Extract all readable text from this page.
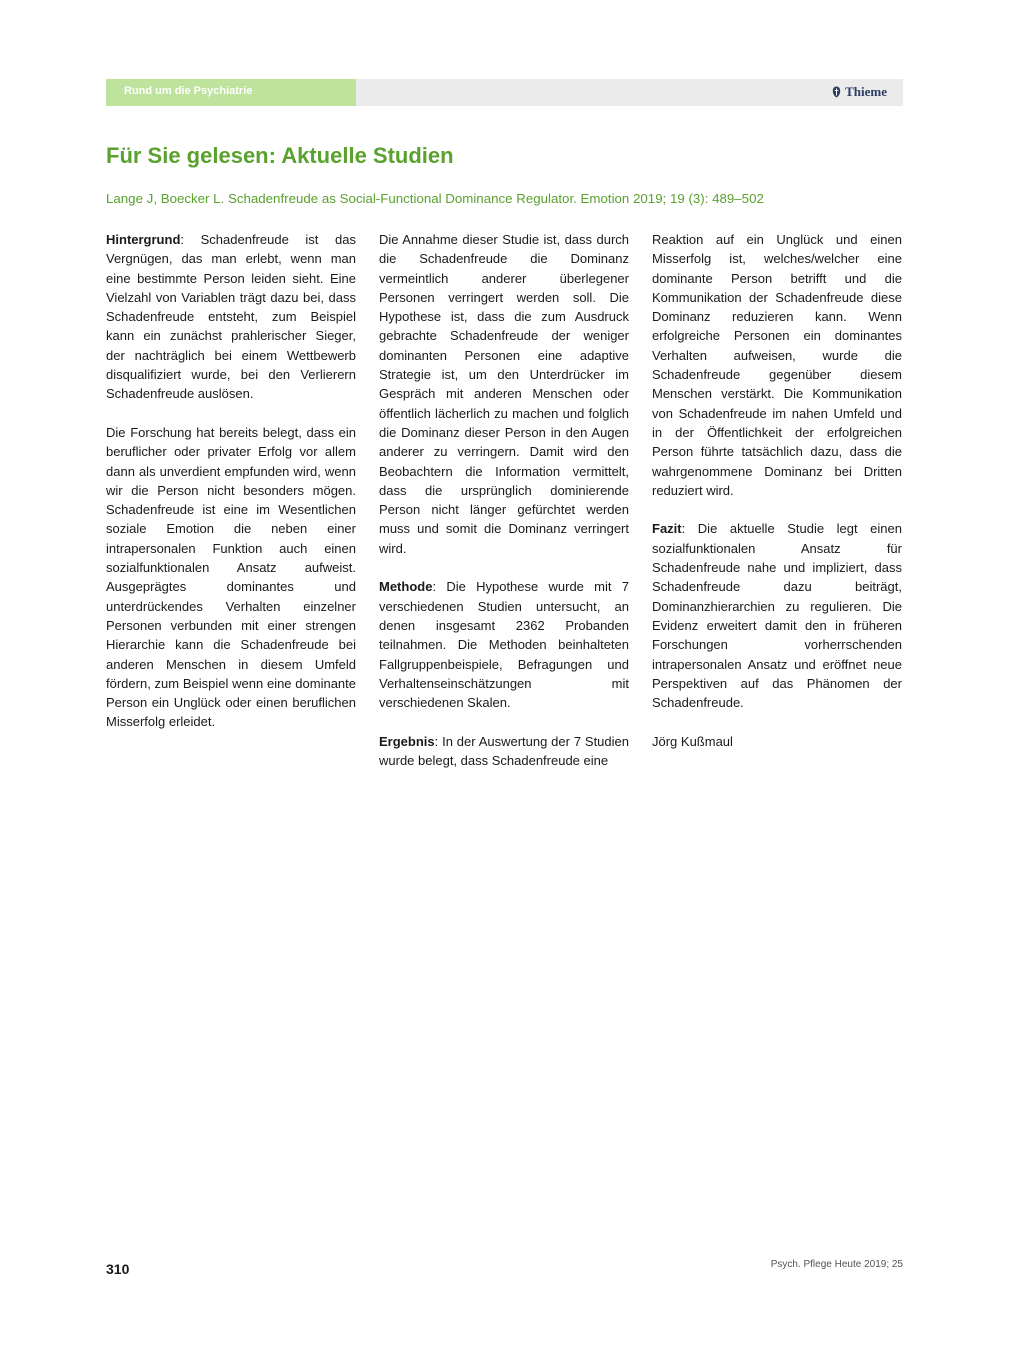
Rund um die Psychiatrie	Thieme
Für Sie gelesen: Aktuelle Studien
Lange J, Boecker L. Schadenfreude as Social-Functional Dominance Regulator. Emotion 2019; 19 (3): 489–502

Hintergrund: Schadenfreude ist das Vergnügen, das man erlebt, wenn man eine bestimmte Person leiden sieht. Eine Vielzahl von Variablen trägt dazu bei, dass Schadenfreude entsteht, zum Beispiel kann ein zunächst prahlerischer Sieger, der nachträglich bei einem Wettbewerb disqualifiziert wurde, bei den Verlierern Schadenfreude auslösen.

Die Forschung hat bereits belegt, dass ein beruflicher oder privater Erfolg vor allem dann als unverdient empfunden wird, wenn wir die Person nicht besonders mögen. Schadenfreude ist eine im Wesentlichen soziale Emotion die neben einer intrapersonalen Funktion auch einen sozialfunktionalen Ansatz aufweist. Ausgeprägtes dominantes und unterdrückendes Verhalten einzelner Personen verbunden mit einer strengen Hierarchie kann die Schadenfreude bei anderen Menschen in diesem Umfeld fördern, zum Beispiel wenn eine dominante Person ein Unglück oder einen beruflichen Misserfolg erleidet.

Die Annahme dieser Studie ist, dass durch die Schadenfreude die Dominanz vermeintlich anderer überlegener Personen verringert werden soll. Die Hypothese ist, dass die zum Ausdruck gebrachte Schadenfreude der weniger dominanten Personen eine adaptive Strategie ist, um den Unterdrücker im Gespräch mit anderen Menschen oder öffentlich lächerlich zu machen und folglich die Dominanz dieser Person in den Augen anderer zu verringern. Damit wird den Beobachtern die Information vermittelt, dass die ursprünglich dominierende Person nicht länger gefürchtet werden muss und somit die Dominanz verringert wird.

Methode: Die Hypothese wurde mit 7 verschiedenen Studien untersucht, an denen insgesamt 2362 Probanden teilnahmen. Die Methoden beinhalteten Fallgruppenbeispiele, Befragungen und Verhaltenseinschätzungen mit verschiedenen Skalen.

Ergebnis: In der Auswertung der 7 Studien wurde belegt, dass Schadenfreude eine

Reaktion auf ein Unglück und einen Misserfolg ist, welches/welcher eine dominante Person betrifft und die Kommunikation der Schadenfreude diese Dominanz reduzieren kann. Wenn erfolgreiche Personen ein dominantes Verhalten aufweisen, wurde die Schadenfreude gegenüber diesem Menschen verstärkt. Die Kommunikation von Schadenfreude im nahen Umfeld und in der Öffentlichkeit der erfolgreichen Person führte tatsächlich dazu, dass die wahrgenommene Dominanz bei Dritten reduziert wird.

Fazit: Die aktuelle Studie legt einen sozialfunktionalen Ansatz für Schadenfreude nahe und impliziert, dass Schadenfreude dazu beiträgt, Dominanzhierarchien zu regulieren. Die Evidenz erweitert damit den in früheren Forschungen vorherrschenden intrapersonalen Ansatz und eröffnet neue Perspektiven auf das Phänomen der Schadenfreude.

Jörg Kußmaul

310	Psych. Pflege Heute 2019; 25
